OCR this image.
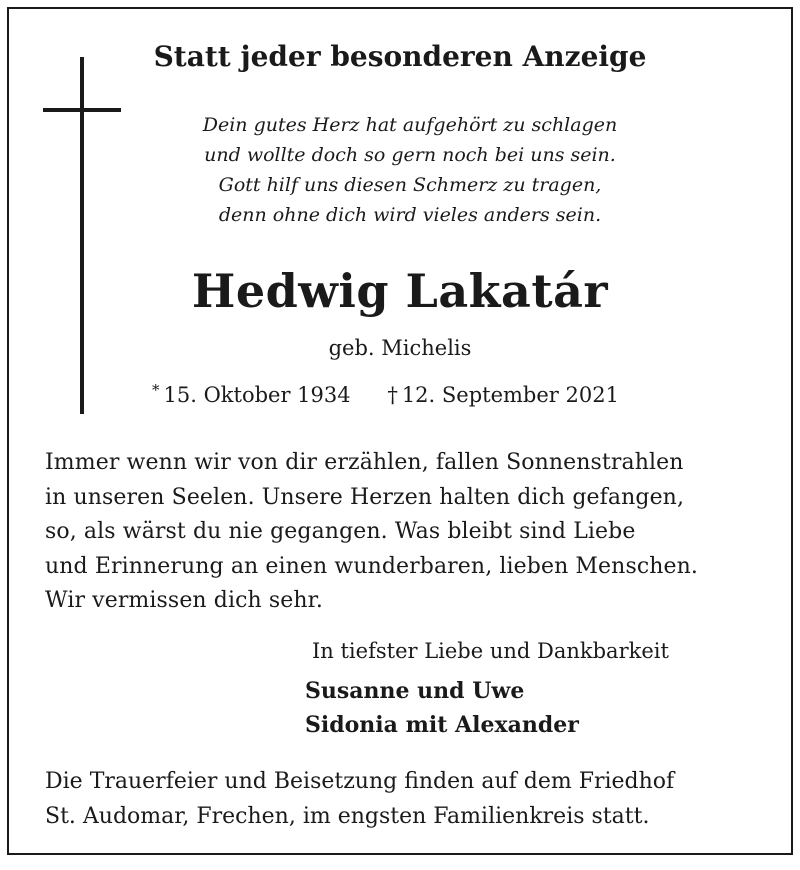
Statt jeder besonderen Anzeige
Dein gutes Herz hat aufgehört zu schlagen
und wollte doch so gern noch bei uns sein.
Gott hilf uns diesen Schmerz zu tragen,
denn ohne dich wird vieles anders sein.
Hedwig Lakatár
geb. Michelis
* 15. Oktober 1934 † 12. September 2021
Immer wenn wir von dir erzählen, fallen Sonnenstrahlen
in unseren Seelen. Unsere Herzen halten dich gefangen,
so, als wärst du nie gegangen. Was bleibt sind Liebe
und Erinnerung an einen wunderbaren, lieben Menschen.
Wir vermissen dich sehr.
In tiefster Liebe und Dankbarkeit
Susanne und Uwe
Sidonia mit Alexander
Die Trauerfeier und Beisetzung finden auf dem Friedhof
St. Audomar, Frechen, im engsten Familienkreis statt.
